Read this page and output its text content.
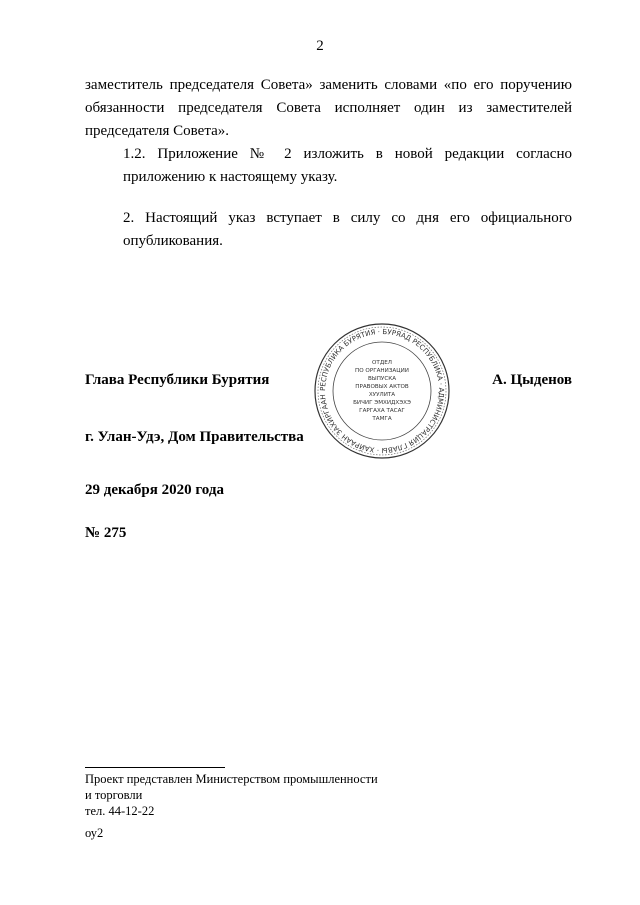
2
заместитель председателя Совета» заменить словами «по его поручению обязанности председателя Совета исполняет один из заместителей председателя Совета».
1.2. Приложение № 2 изложить в новой редакции согласно приложению к настоящему указу.
2. Настоящий указ вступает в силу со дня его официального опубликования.
РЕСПУБЛИКА БУРЯТИЯ · БУРЯАД РЕСПУБЛИКА · АДМИНИСТРАЦИЯ ГЛАВЫ · ХАЙРААН ЗАХИРГААН
ОТДЕЛ
ПО ОРГАНИЗАЦИИ
ВЫПУСКА
ПРАВОВЫХ АКТОВ
ХУУЛИТА
БИЧИГ ЭМХИДХЭХЭ
ГАРГАХА ТАСАГ
ТАМГА
Глава Республики Бурятия	А. Цыденов
г. Улан-Удэ, Дом Правительства
29 декабря 2020 года
№ 275
Проект представлен Министерством промышленности
и торговли
тел. 44-12-22
оу2
